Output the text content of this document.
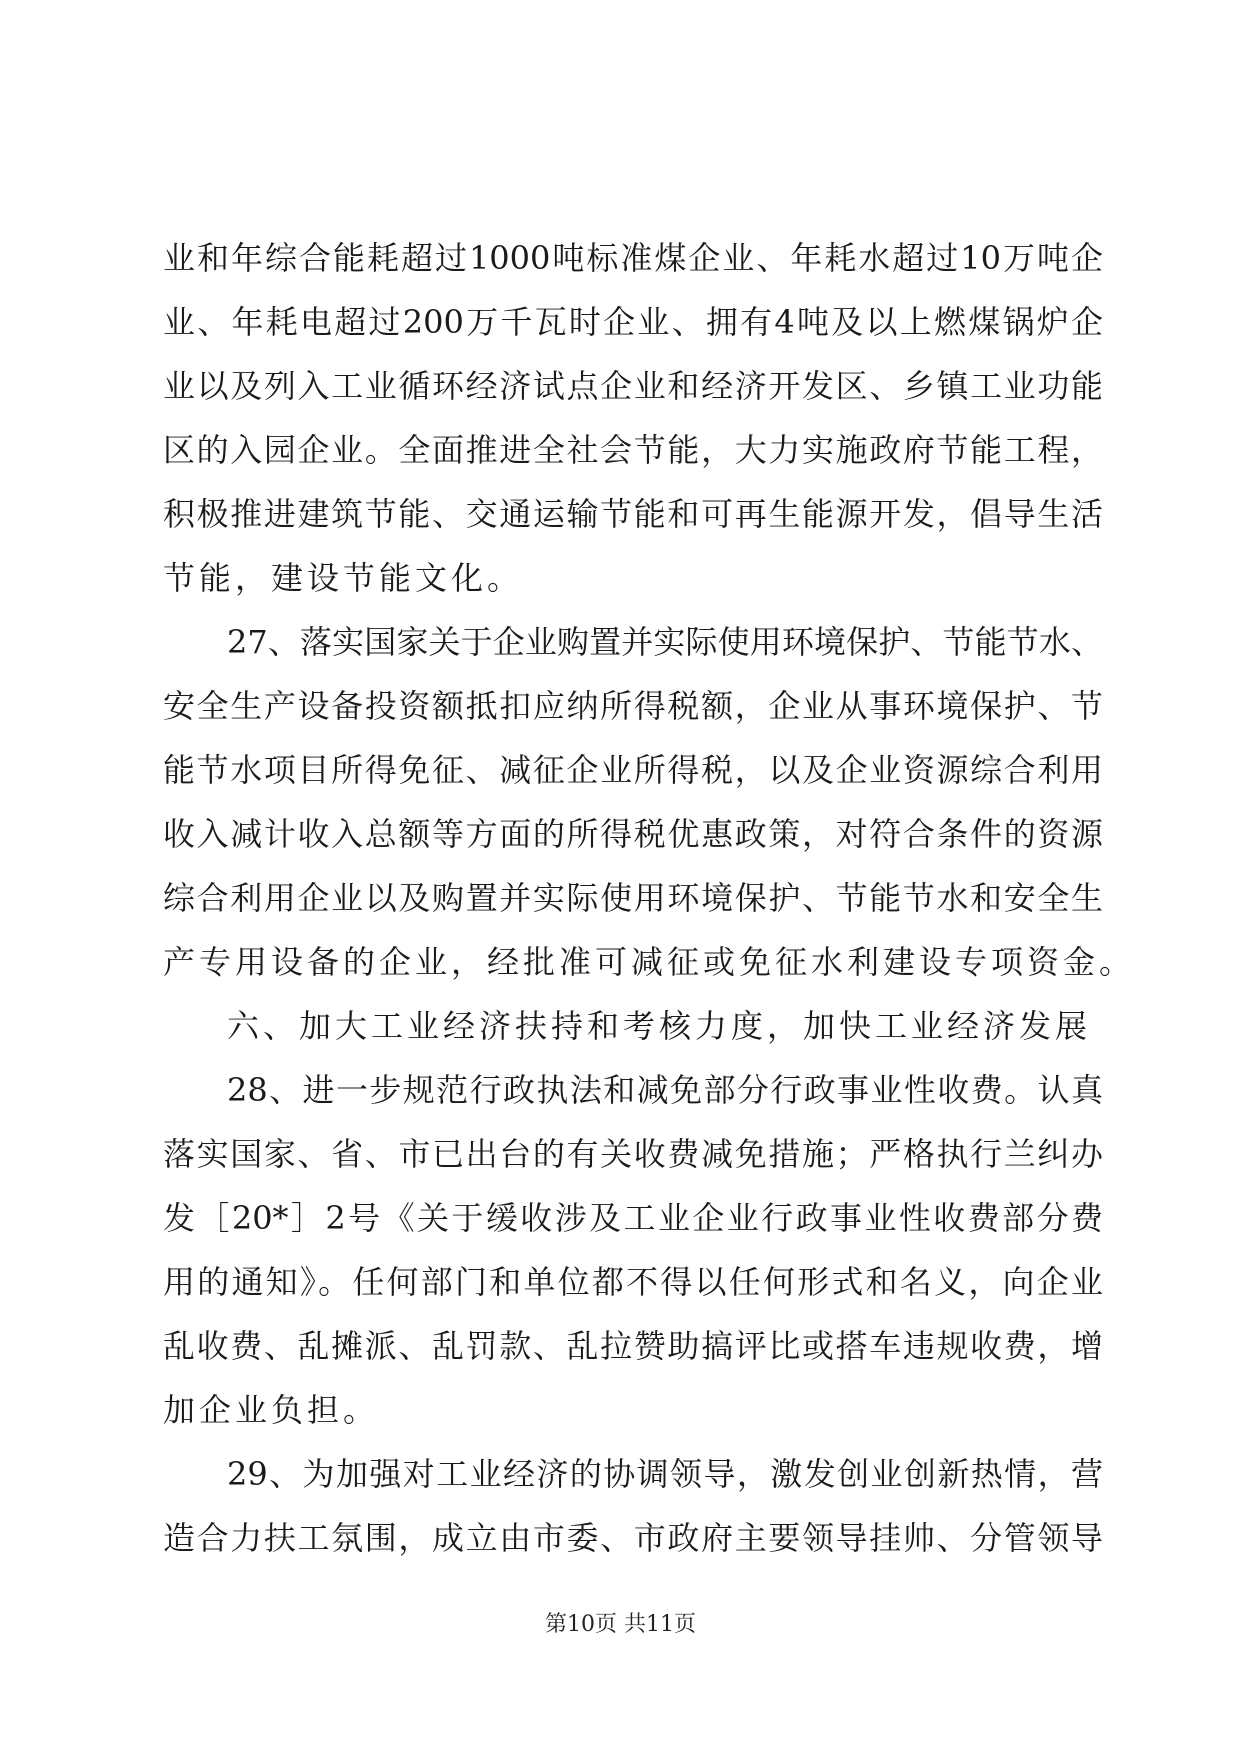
业和年综合能耗超过1000吨标准煤企业、年耗水超过10万吨企
业、年耗电超过200万千瓦时企业、拥有4吨及以上燃煤锅炉企
业以及列入工业循环经济试点企业和经济开发区、乡镇工业功能
区的入园企业。全面推进全社会节能，大力实施政府节能工程，
积极推进建筑节能、交通运输节能和可再生能源开发，倡导生活
节能，建设节能文化。
27、落实国家关于企业购置并实际使用环境保护、节能节水、
安全生产设备投资额抵扣应纳所得税额，企业从事环境保护、节
能节水项目所得免征、减征企业所得税，以及企业资源综合利用
收入减计收入总额等方面的所得税优惠政策，对符合条件的资源
综合利用企业以及购置并实际使用环境保护、节能节水和安全生
产专用设备的企业，经批准可减征或免征水利建设专项资金。
六、加大工业经济扶持和考核力度，加快工业经济发展
28、进一步规范行政执法和减免部分行政事业性收费。认真
落实国家、省、市已出台的有关收费减免措施；严格执行兰纠办
发［20*］2号《关于缓收涉及工业企业行政事业性收费部分费
用的通知》。任何部门和单位都不得以任何形式和名义，向企业
乱收费、乱摊派、乱罚款、乱拉赞助搞评比或搭车违规收费，增
加企业负担。
29、为加强对工业经济的协调领导，激发创业创新热情，营
造合力扶工氛围，成立由市委、市政府主要领导挂帅、分管领导
第10页 共11页
